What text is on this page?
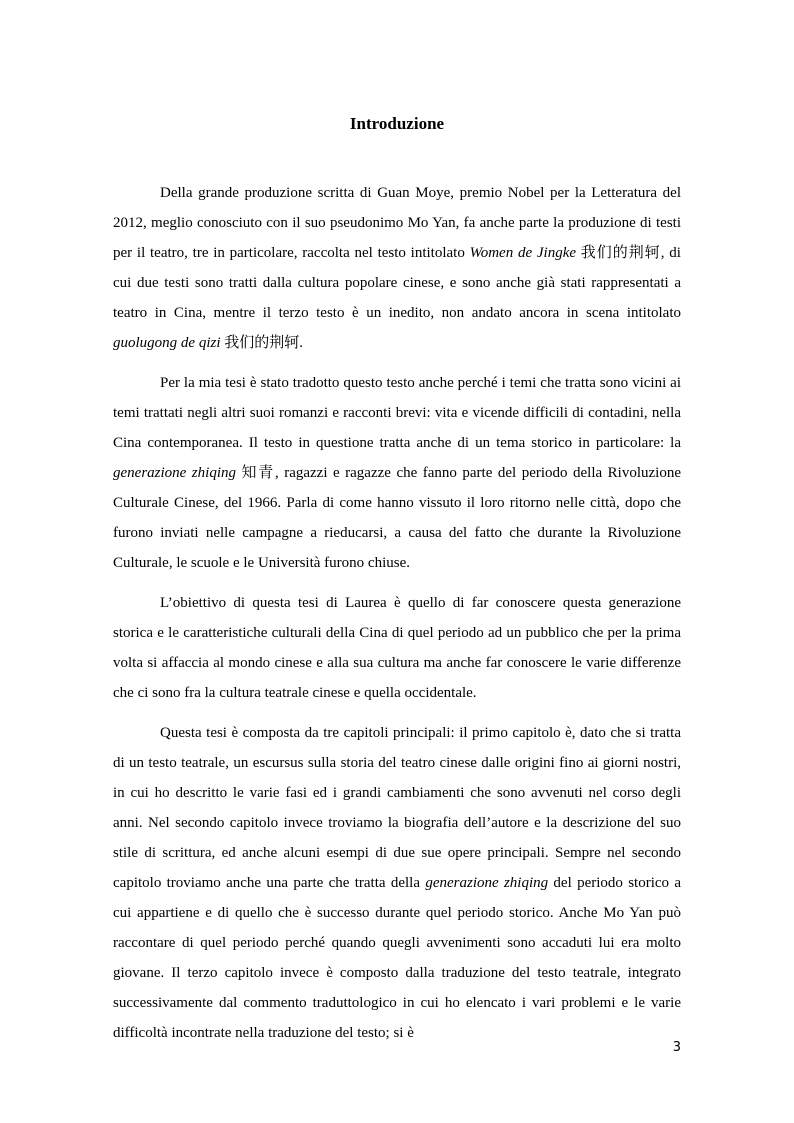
Introduzione

Della grande produzione scritta di Guan Moye, premio Nobel per la Letteratura del 2012, meglio conosciuto con il suo pseudonimo Mo Yan, fa anche parte la produzione di testi per il teatro, tre in particolare, raccolta nel testo intitolato Women de Jingke 我们的荆轲, di cui due testi sono tratti dalla cultura popolare cinese, e sono anche già stati rappresentati a teatro in Cina, mentre il terzo testo è un inedito, non andato ancora in scena intitolato guolugong de qizi 我们的荆轲.

Per la mia tesi è stato tradotto questo testo anche perché i temi che tratta sono vicini ai temi trattati negli altri suoi romanzi e racconti brevi: vita e vicende difficili di contadini, nella Cina contemporanea. Il testo in questione tratta anche di un tema storico in particolare: la generazione zhiqing 知青, ragazzi e ragazze che fanno parte del periodo della Rivoluzione Culturale Cinese, del 1966. Parla di come hanno vissuto il loro ritorno nelle città, dopo che furono inviati nelle campagne a rieducarsi, a causa del fatto che durante la Rivoluzione Culturale, le scuole e le Università furono chiuse.

L’obiettivo di questa tesi di Laurea è quello di far conoscere questa generazione storica e le caratteristiche culturali della Cina di quel periodo ad un pubblico che per la prima volta si affaccia al mondo cinese e alla sua cultura ma anche far conoscere le varie differenze che ci sono fra la cultura teatrale cinese e quella occidentale.

Questa tesi è composta da tre capitoli principali: il primo capitolo è, dato che si tratta di un testo teatrale, un escursus sulla storia del teatro cinese dalle origini fino ai giorni nostri, in cui ho descritto le varie fasi ed i grandi cambiamenti che sono avvenuti nel corso degli anni. Nel secondo capitolo invece troviamo la biografia dell’autore e la descrizione del suo stile di scrittura, ed anche alcuni esempi di due sue opere principali. Sempre nel secondo capitolo troviamo anche una parte che tratta della generazione zhiqing del periodo storico a cui appartiene e di quello che è successo durante quel periodo storico. Anche Mo Yan può raccontare di quel periodo perché quando quegli avvenimenti sono accaduti lui era molto giovane. Il terzo capitolo invece è composto dalla traduzione del testo teatrale, integrato successivamente dal commento traduttologico in cui ho elencato i vari problemi e le varie difficoltà incontrate nella traduzione del testo; si è

3
